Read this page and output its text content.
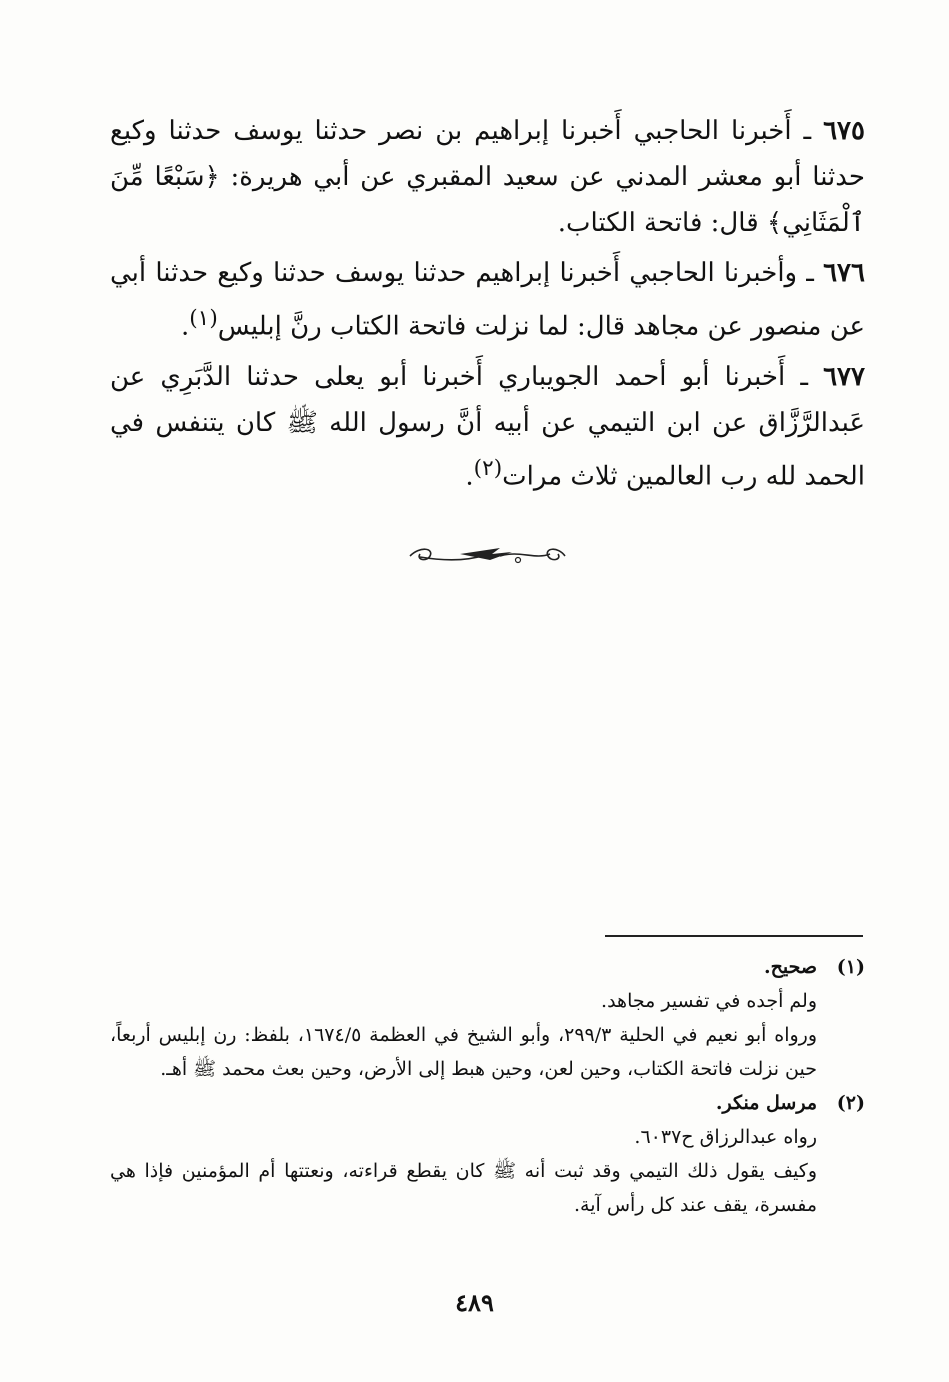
٦٧٥ ـ أَخبرنا الحاجبي أَخبرنا إبراهيم بن نصر حدثنا يوسف حدثنا وكيع حدثنا أبو معشر المدني عن سعيد المقبري عن أبي هريرة: ﴿سَبْعًا مِّنَ ٱلْمَثَانِي﴾ قال: فاتحة الكتاب.

٦٧٦ ـ وأخبرنا الحاجبي أَخبرنا إبراهيم حدثنا يوسف حدثنا وكيع حدثنا أبي عن منصور عن مجاهد قال: لما نزلت فاتحة الكتاب رنَّ إبليس$^{(١)}$.

٦٧٧ ـ أَخبرنا أبو أحمد الجويباري أَخبرنا أبو يعلى حدثنا الدَّبَرِي عن عَبدالرَّزَّاق عن ابن التيمي عن أبيه أنَّ رسول الله ﷺ كان يتنفس في الحمد لله رب العالمين ثلاث مرات$^{(٢)}$.

(١)صحيح.
ولم أجده في تفسير مجاهد.
ورواه أبو نعيم في الحلية ٢٩٩/٣، وأبو الشيخ في العظمة ١٦٧٤/٥، بلفظ: رن إبليس أربعاً، حين نزلت فاتحة الكتاب، وحين لعن، وحين هبط إلى الأرض، وحين بعث محمد ﷺ أهـ.
(٢)مرسل منكر.
رواه عبدالرزاق ح٦٠٣٧.
وكيف يقول ذلك التيمي وقد ثبت أنه ﷺ كان يقطع قراءته، ونعتتها أم المؤمنين فإذا هي مفسرة، يقف عند كل رأس آية.
٤٨٩
